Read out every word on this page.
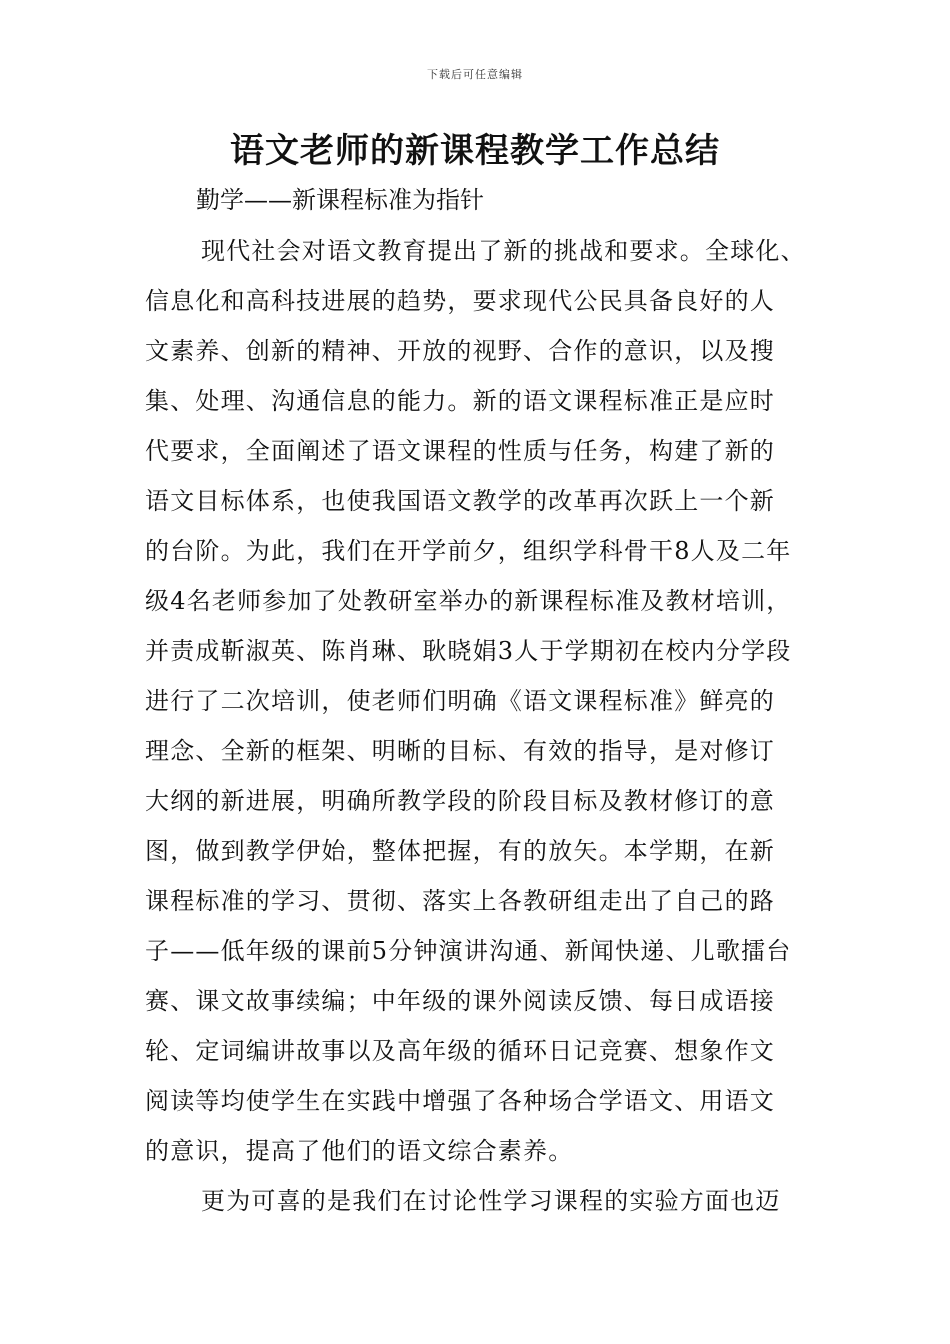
下载后可任意编辑
语文老师的新课程教学工作总结
勤学——新课程标准为指针
现代社会对语文教育提出了新的挑战和要求。全球化、
信息化和高科技进展的趋势，要求现代公民具备良好的人
文素养、创新的精神、开放的视野、合作的意识，以及搜
集、处理、沟通信息的能力。新的语文课程标准正是应时
代要求，全面阐述了语文课程的性质与任务，构建了新的
语文目标体系，也使我国语文教学的改革再次跃上一个新
的台阶。为此，我们在开学前夕，组织学科骨干8人及二年
级4名老师参加了处教研室举办的新课程标准及教材培训，
并责成靳淑英、陈肖琳、耿晓娟3人于学期初在校内分学段
进行了二次培训，使老师们明确《语文课程标准》鲜亮的
理念、全新的框架、明晰的目标、有效的指导，是对修订
大纲的新进展，明确所教学段的阶段目标及教材修订的意
图，做到教学伊始，整体把握，有的放矢。本学期，在新
课程标准的学习、贯彻、落实上各教研组走出了自己的路
子——低年级的课前5分钟演讲沟通、新闻快递、儿歌擂台
赛、课文故事续编；中年级的课外阅读反馈、每日成语接
轮、定词编讲故事以及高年级的循环日记竞赛、想象作文
阅读等均使学生在实践中增强了各种场合学语文、用语文
的意识，提高了他们的语文综合素养。
更为可喜的是我们在讨论性学习课程的实验方面也迈
